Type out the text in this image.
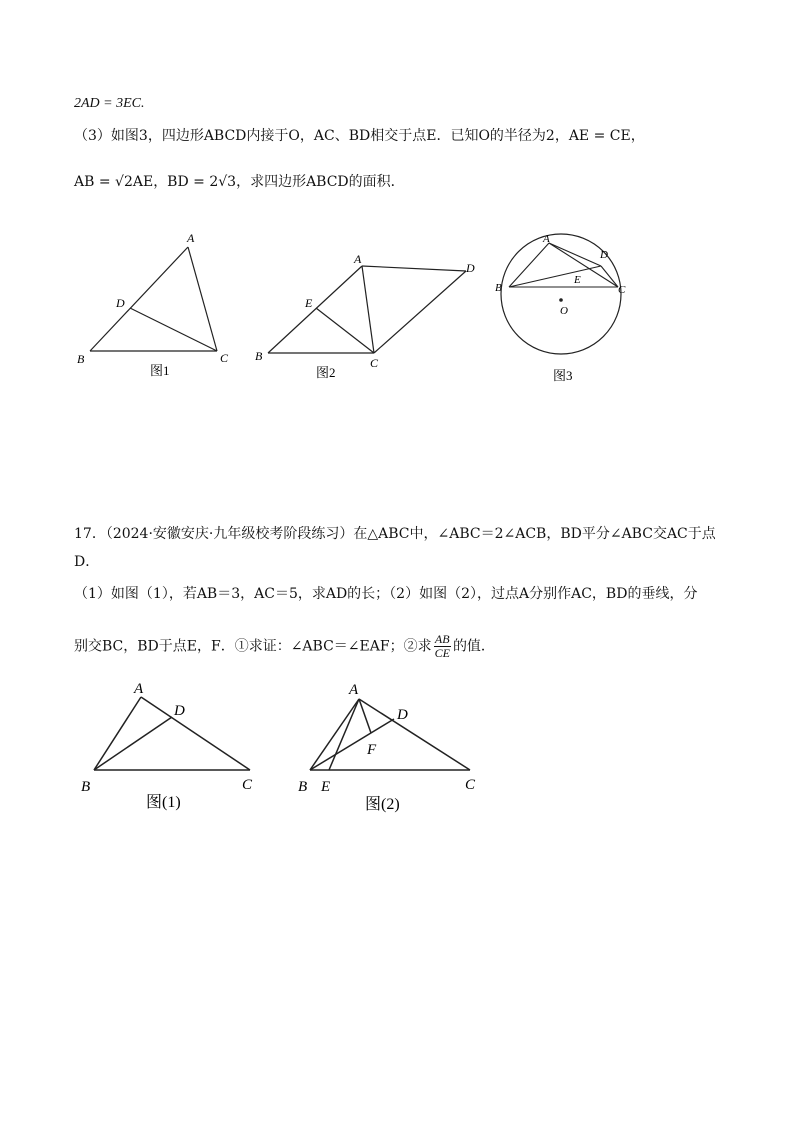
2AD = 3EC.
（3）如图3，四边形ABCD内接于O，AC、BD相交于点E．已知O的半径为2，AE = CE，
AB = √2AE，BD = 2√3，求四边形ABCD的面积．
A
D
B	C
图1
A
D
E
B	C
图2
A
D
E
B	C
O
图3
17．（2024·安徽安庆·九年级校考阶段练习）在△ABC中，∠ABC＝2∠ACB，BD平分∠ABC交AC于点
D．
（1）如图（1），若AB＝3，AC＝5，求AD的长；（2）如图（2），过点A分别作AC，BD的垂线，分
别交BC，BD于点E，F．①求证：∠ABC＝∠EAF；②求 $\frac{AB}{CE}$ 的值．
A
D
B	C
图(1)
A
D
F
B E	C
图(2)
